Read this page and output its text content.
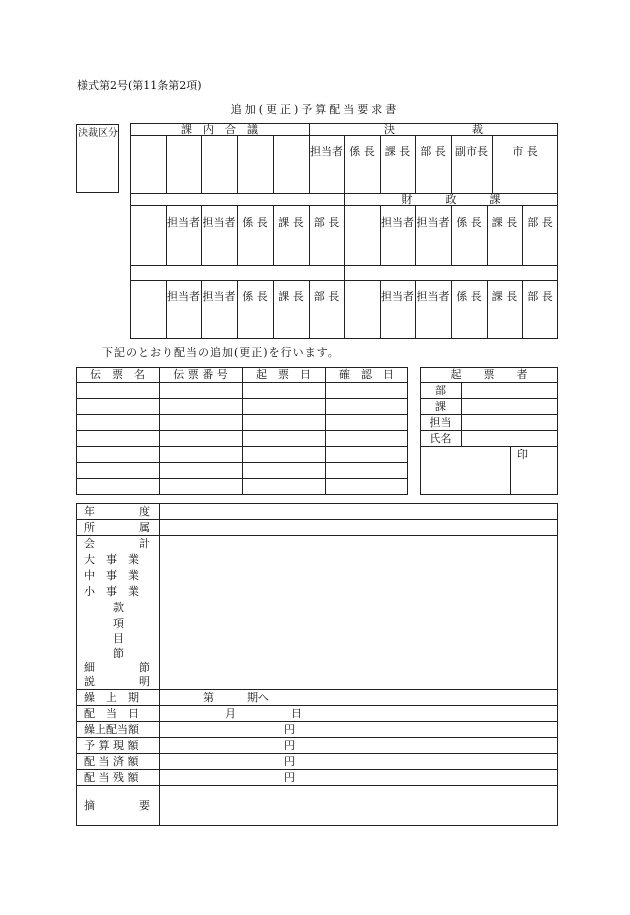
様式第2号(第11条第2項)
追加(更正)予算配当要求書
決裁区分	課　内　合　議	決　　　　　　　裁
担当者 係 長 課 長 部 長 副市長	市 長
財　　　政　　　課
担当者 担当者 係 長 課 長 部 長	担当者 担当者 係 長 課 長 部 長
担当者 担当者 係 長 課 長 部 長	担当者 担当者 係 長 課 長 部 長
下記のとおり配当の追加(更正)を行います。
伝　票　名	伝 票 番 号	起　票　日	確　認　日	起　　票　　者
部
課
担当
氏名
印
年　　　　度
所　　　　属
会　　　　計
大　事　業
中　事　業
小　事　業
款
項
目
節
細　　　　節
説　　　　明
繰　上　期	第　　　期へ
配　当　日	月　　　　　日
繰上配当額	円
予 算 現 額	円
配 当 済 額	円
配 当 残 額	円
摘　　　　要
